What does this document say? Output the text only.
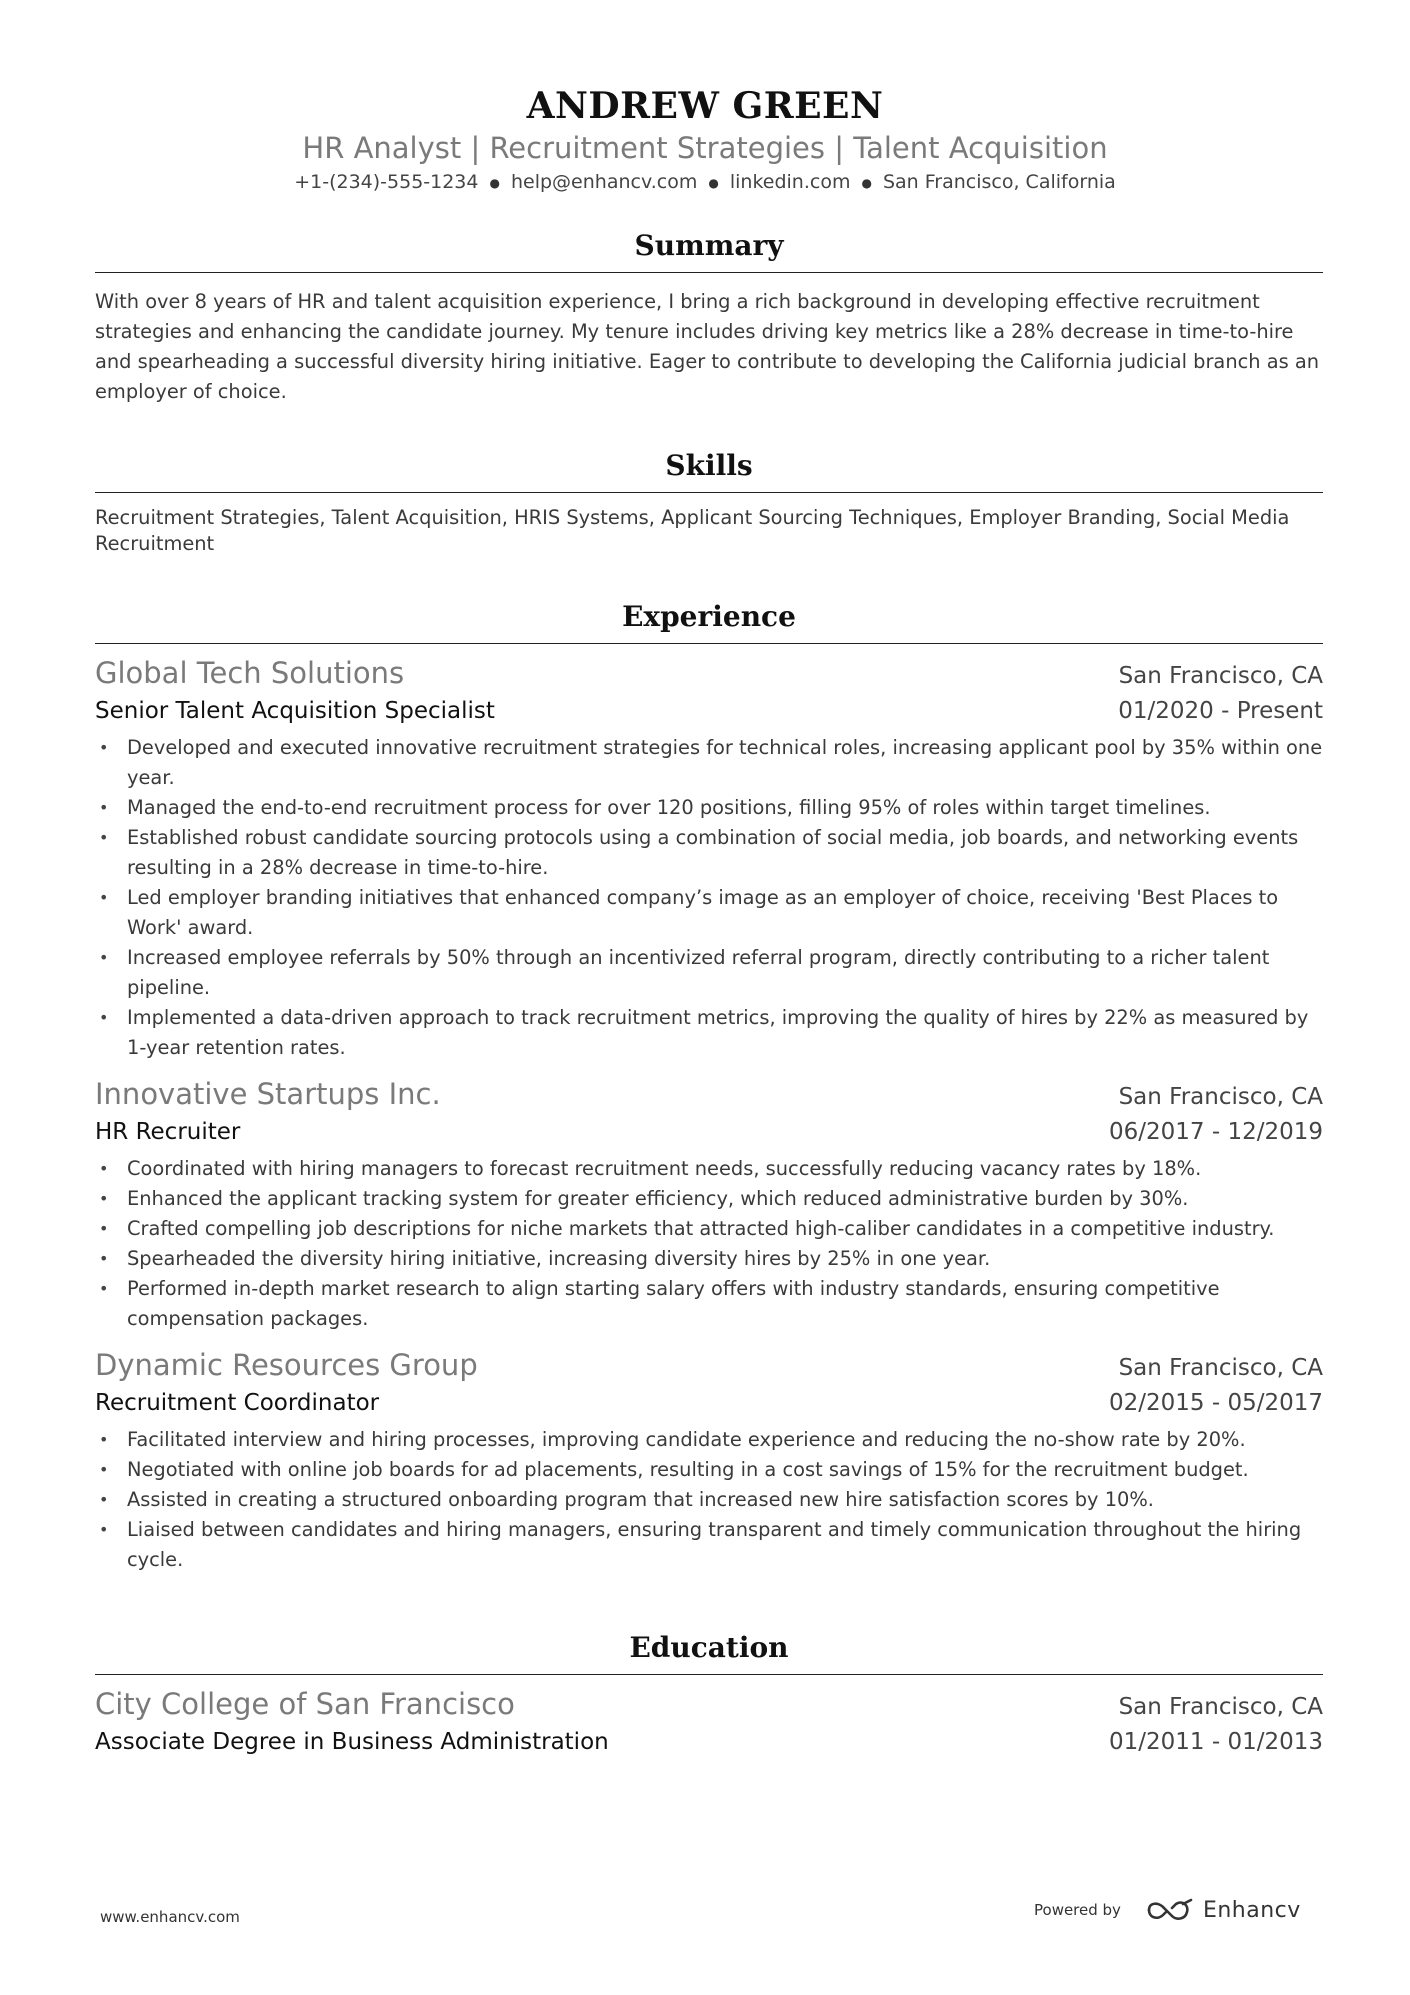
ANDREW GREEN
HR Analyst | Recruitment Strategies | Talent Acquisition
+1-(234)-555-1234 ● help@enhancv.com ● linkedin.com ● San Francisco, California
Summary
With over 8 years of HR and talent acquisition experience, I bring a rich background in developing effective recruitment strategies and enhancing the candidate journey. My tenure includes driving key metrics like a 28% decrease in time-to-hire and spearheading a successful diversity hiring initiative. Eager to contribute to developing the California judicial branch as an employer of choice.
Skills
Recruitment Strategies, Talent Acquisition, HRIS Systems, Applicant Sourcing Techniques, Employer Branding, Social Media Recruitment
Experience
Global Tech Solutions	San Francisco, CA
Senior Talent Acquisition Specialist	01/2020 - Present
• Developed and executed innovative recruitment strategies for technical roles, increasing applicant pool by 35% within one year.
• Managed the end-to-end recruitment process for over 120 positions, filling 95% of roles within target timelines.
• Established robust candidate sourcing protocols using a combination of social media, job boards, and networking events resulting in a 28% decrease in time-to-hire.
• Led employer branding initiatives that enhanced company’s image as an employer of choice, receiving 'Best Places to Work' award.
• Increased employee referrals by 50% through an incentivized referral program, directly contributing to a richer talent pipeline.
• Implemented a data-driven approach to track recruitment metrics, improving the quality of hires by 22% as measured by 1-year retention rates.
Innovative Startups Inc.	San Francisco, CA
HR Recruiter	06/2017 - 12/2019
• Coordinated with hiring managers to forecast recruitment needs, successfully reducing vacancy rates by 18%.
• Enhanced the applicant tracking system for greater efficiency, which reduced administrative burden by 30%.
• Crafted compelling job descriptions for niche markets that attracted high-caliber candidates in a competitive industry.
• Spearheaded the diversity hiring initiative, increasing diversity hires by 25% in one year.
• Performed in-depth market research to align starting salary offers with industry standards, ensuring competitive compensation packages.
Dynamic Resources Group	San Francisco, CA
Recruitment Coordinator	02/2015 - 05/2017
• Facilitated interview and hiring processes, improving candidate experience and reducing the no-show rate by 20%.
• Negotiated with online job boards for ad placements, resulting in a cost savings of 15% for the recruitment budget.
• Assisted in creating a structured onboarding program that increased new hire satisfaction scores by 10%.
• Liaised between candidates and hiring managers, ensuring transparent and timely communication throughout the hiring cycle.
Education
City College of San Francisco	San Francisco, CA
Associate Degree in Business Administration	01/2011 - 01/2013
www.enhancv.com	Powered by	Enhancv
